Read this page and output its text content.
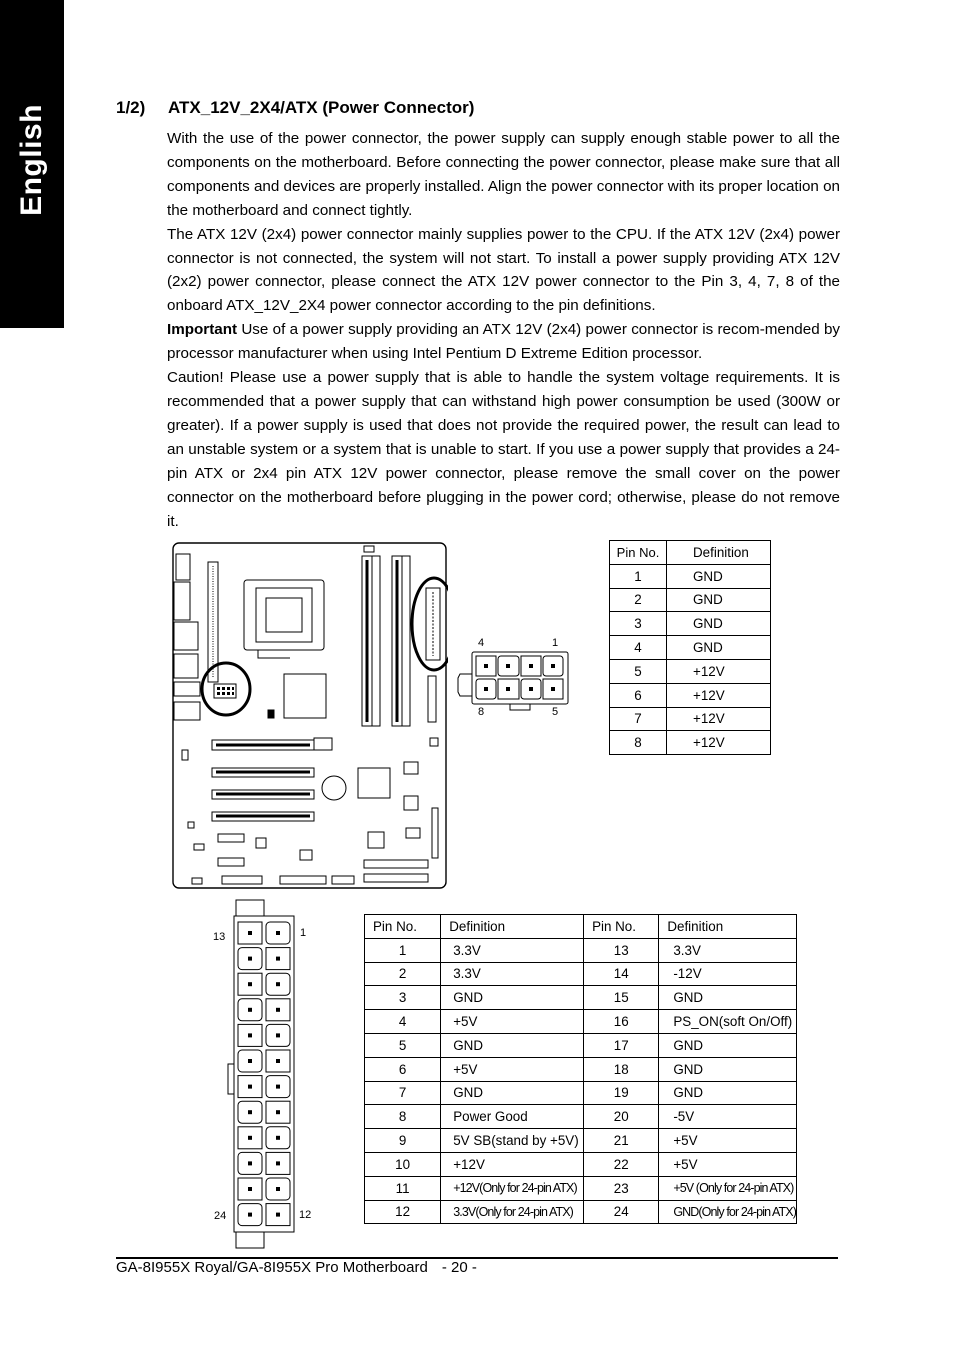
English	1/2) ATX_12V_2X4/ATX (Power Connector)

With the use of the power connector, the power supply can supply enough stable power to all the components on the motherboard. Before connecting the power connector, please make sure that all components and devices are properly installed. Align the power connector with its proper location on the motherboard and connect tightly.

The ATX 12V (2x4) power connector mainly supplies power to the CPU. If the ATX 12V (2x4) power connector is not connected, the system will not start. To install a power supply providing ATX 12V (2x2) power connector, please connect the ATX 12V power connector to the Pin 3, 4, 7, 8 of the onboard ATX_12V_2X4 power connector according to the pin definitions.

Important Use of a power supply providing an ATX 12V (2x4) power connector is recom-mended by processor manufacturer when using Intel Pentium D Extreme Edition processor.

Caution! Please use a power supply that is able to handle the system voltage requirements. It is recommended that a power supply that can withstand high power consumption be used (300W or greater). If a power supply is used that does not provide the required power, the result can lead to an unstable system or a system that is unable to start. If you use a power supply that provides a 24-pin ATX or 2x4 pin ATX 12V power connector, please remove the small cover on the power connector on the motherboard before plugging in the power cord; otherwise, please do not remove it.

4	1
8	5
13	1
24	12
Pin No.	Definition
1	GND
2	GND
3	GND
4	GND
5	+12V
6	+12V
7	+12V
8	+12V
Pin No.	Definition	Pin No.	Definition
1	3.3V	13	3.3V
2	3.3V	14	-12V
3	GND	15	GND
4	+5V	16	PS_ON(soft On/Off)
5	GND	17	GND
6	+5V	18	GND
7	GND	19	GND
8	Power Good	20	-5V
9	5V SB(stand by +5V)	21	+5V
10	+12V	22	+5V
11	+12V(Only for 24-pin ATX)	23	+5V (Only for 24-pin ATX)
12	3.3V(Only for 24-pin ATX)	24	GND(Only for 24-pin ATX)
GA-8I955X Royal/GA-8I955X Pro Motherboard - 20 -
